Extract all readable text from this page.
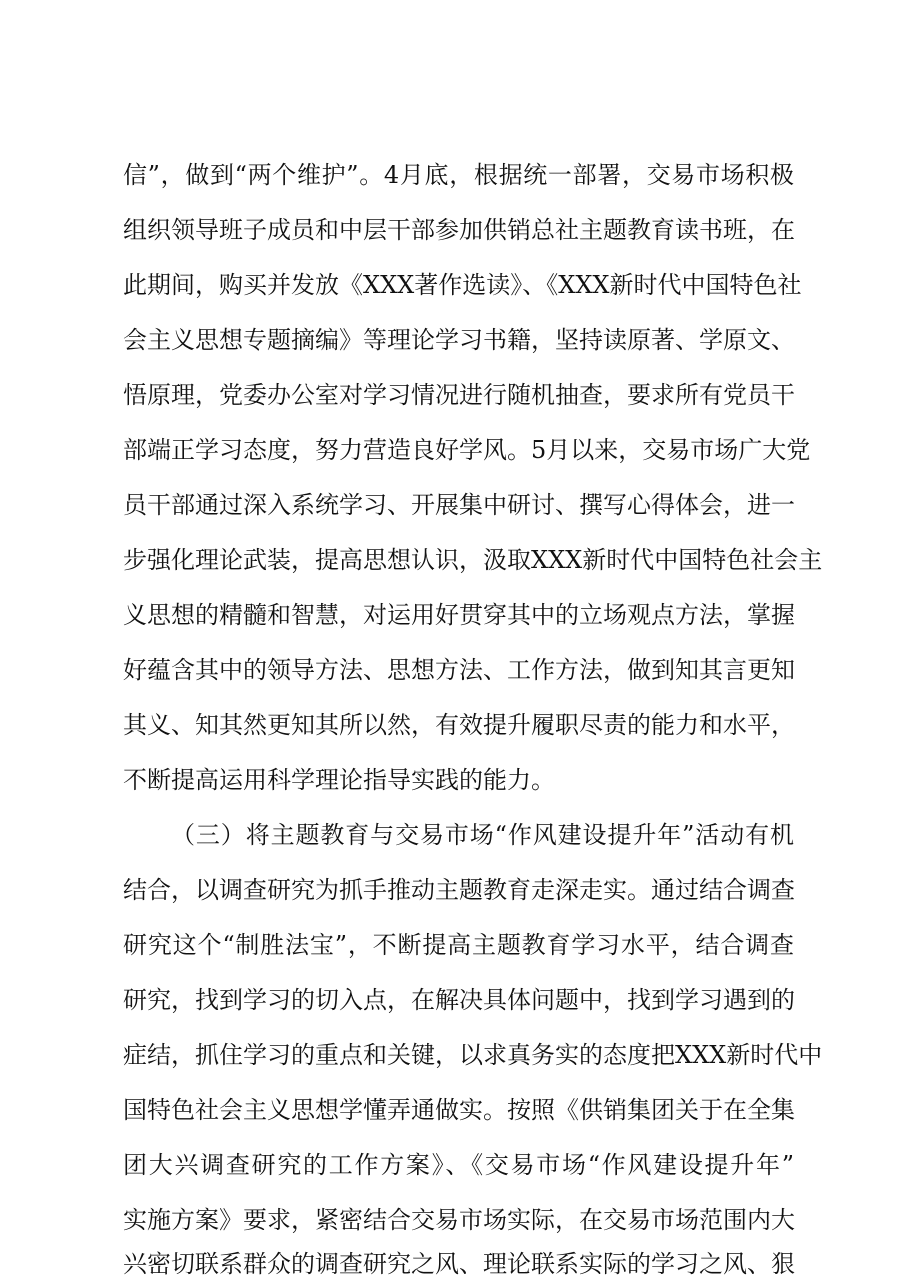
信”，做到“两个维护”。4月底，根据统一部署，交易市场积极
组织领导班子成员和中层干部参加供销总社主题教育读书班，在
此期间，购买并发放《XXX著作选读》、《XXX新时代中国特色社
会主义思想专题摘编》等理论学习书籍，坚持读原著、学原文、
悟原理，党委办公室对学习情况进行随机抽查，要求所有党员干
部端正学习态度，努力营造良好学风。5月以来，交易市场广大党
员干部通过深入系统学习、开展集中研讨、撰写心得体会，进一
步强化理论武装，提高思想认识，汲取XXX新时代中国特色社会主
义思想的精髓和智慧，对运用好贯穿其中的立场观点方法，掌握
好蕴含其中的领导方法、思想方法、工作方法，做到知其言更知
其义、知其然更知其所以然，有效提升履职尽责的能力和水平，
不断提高运用科学理论指导实践的能力。
（三）将主题教育与交易市场“作风建设提升年”活动有机
结合，以调查研究为抓手推动主题教育走深走实。通过结合调查
研究这个“制胜法宝”，不断提高主题教育学习水平，结合调查
研究，找到学习的切入点，在解决具体问题中，找到学习遇到的
症结，抓住学习的重点和关键，以求真务实的态度把XXX新时代中
国特色社会主义思想学懂弄通做实。按照《供销集团关于在全集
团大兴调查研究的工作方案》、《交易市场“作风建设提升年”
实施方案》要求，紧密结合交易市场实际，在交易市场范围内大
兴密切联系群众的调查研究之风、理论联系实际的学习之风、狠
